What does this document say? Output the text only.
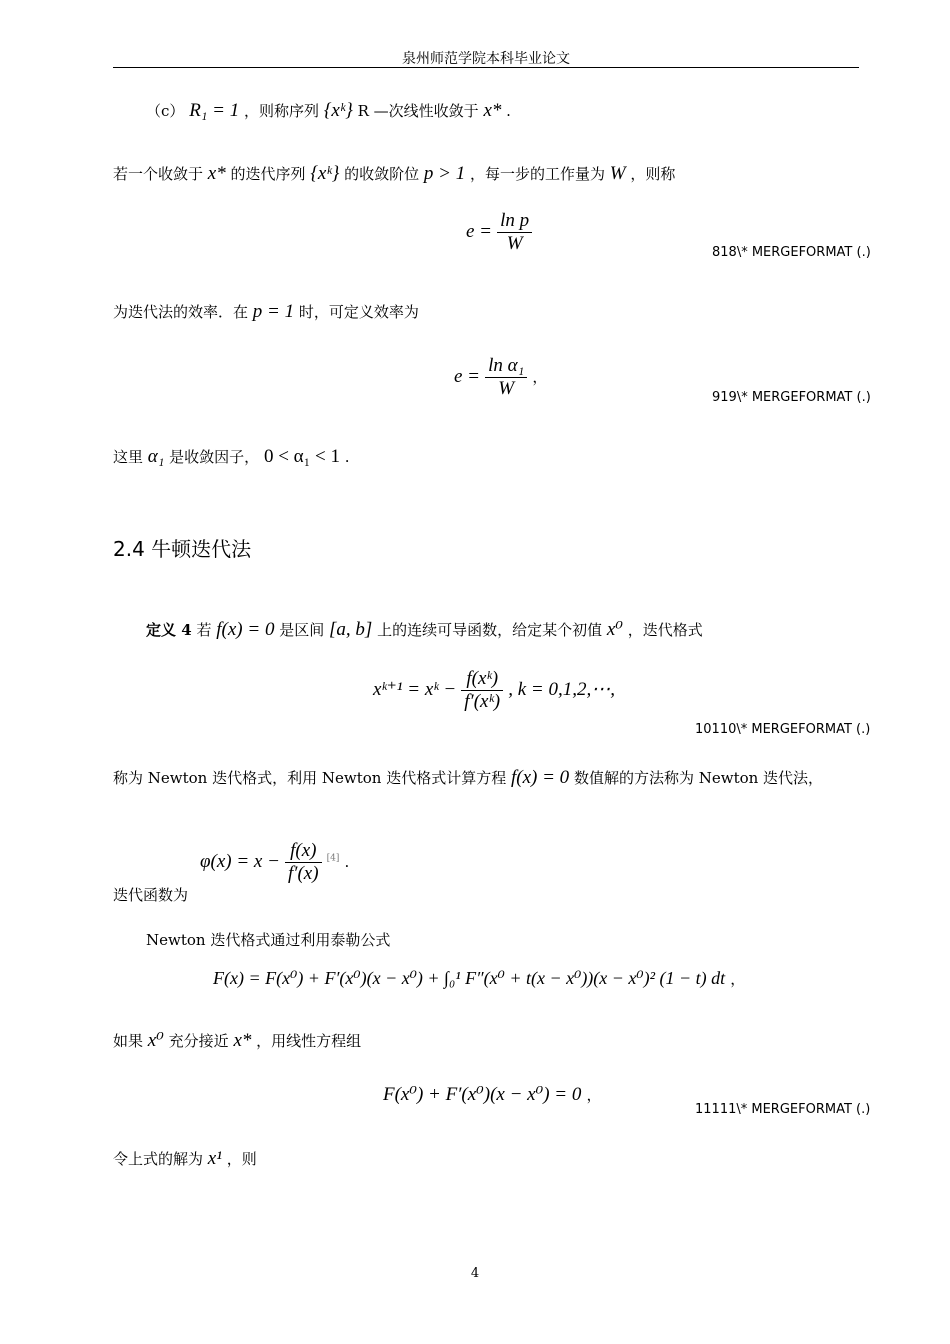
泉州师范学院本科毕业论文
（c） R₁ = 1 ，则称序列 {xᵏ} R —次线性收敛于 x* .
若一个收敛于 x* 的迭代序列 {xᵏ} 的收敛阶位 p > 1 ，每一步的工作量为 W ，则称
$e = \frac{\text{ln p}}{W}$	818\* MERGEFORMAT (.)
为迭代法的效率．在 p = 1 时，可定义效率为
$e = \frac{\text{ln α₁}}{W}$ ，
919\* MERGEFORMAT (.)
这里 α₁ 是收敛因子， 0 < α₁ < 1 .
2.4 牛顿迭代法
定义 4 若 f(x) = 0 是区间 [a, b] 上的连续可导函数，给定某个初值 x⁰ ，迭代格式
xᵏ⁺¹ = xᵏ − $\frac{\text{f(xᵏ)}}{\text{f′(xᵏ)}}$ , k = 0,1,2,⋯,
10110\* MERGEFORMAT (.)
称为 Newton 迭代格式，利用 Newton 迭代格式计算方程 f(x) = 0 数值解的方法称为 Newton 迭代法，
迭代函数为
$\varphi(x) = x - \frac{f(x)}{f'(x)} [4]$ .
Newton 迭代格式通过利用泰勒公式
F(x) = F(x⁰) + F′(x⁰)(x − x⁰) + ∫₀¹ F″(x⁰ + t(x − x⁰))(x − x⁰)² (1 − t) dt ，
如果 x⁰ 充分接近 x* ，用线性方程组
F(x⁰) + F′(x⁰)(x − x⁰) = 0 ，
11111\* MERGEFORMAT (.)
令上式的解为 x¹ ，则
4
